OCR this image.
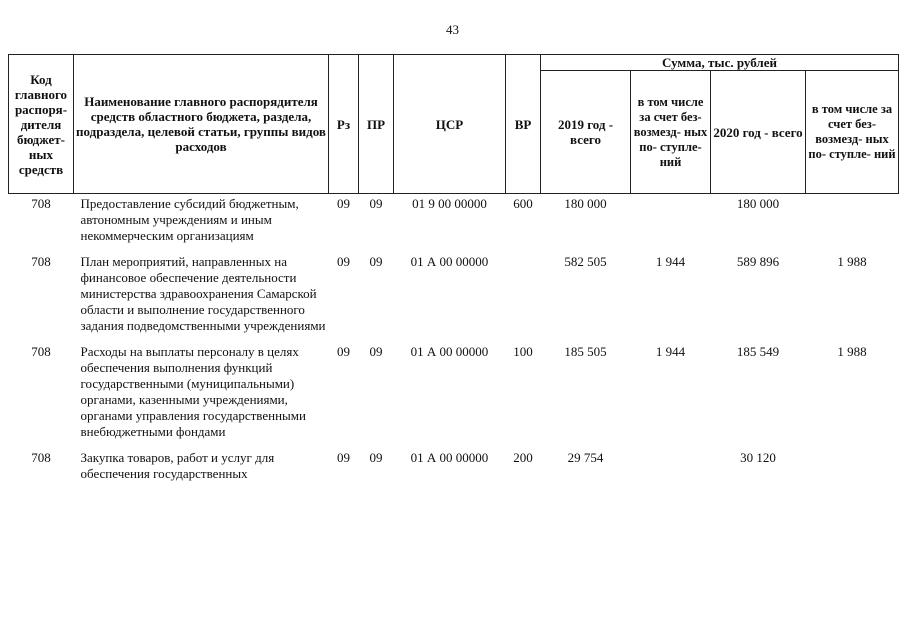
43
Код главного распоря- дителя бюджет- ных средств	Наименование главного распорядителя средств областного бюджета, раздела, подраздела, целевой статьи, группы видов расходов	Рз	ПР	ЦСР	ВР	Сумма, тыс. рублей			
						2019 год - всего	в том числе за счет без- возмезд- ных по- ступле- ний	2020 год - всего	в том числе за счет без- возмезд- ных по- ступле- ний
708	Предоставление субсидий бюджетным, автономным учреждениям и иным некоммерческим организациям	09	09	01 9 00 00000	600	180 000		180 000	
708	План мероприятий, направленных на финансовое обеспечение деятельности министерства здравоохранения Самарской области и выполнение государственного задания подведомственными учреждениями	09	09	01 А 00 00000		582 505	1 944	589 896	1 988
708	Расходы на выплаты персоналу в целях обеспечения выполнения функций государственными (муниципальными) органами, казенными учреждениями, органами управления государственными внебюджетными фондами	09	09	01 А 00 00000	100	185 505	1 944	185 549	1 988
708	Закупка товаров, работ и услуг для обеспечения государственных	09	09	01 А 00 00000	200	29 754		30 120	
